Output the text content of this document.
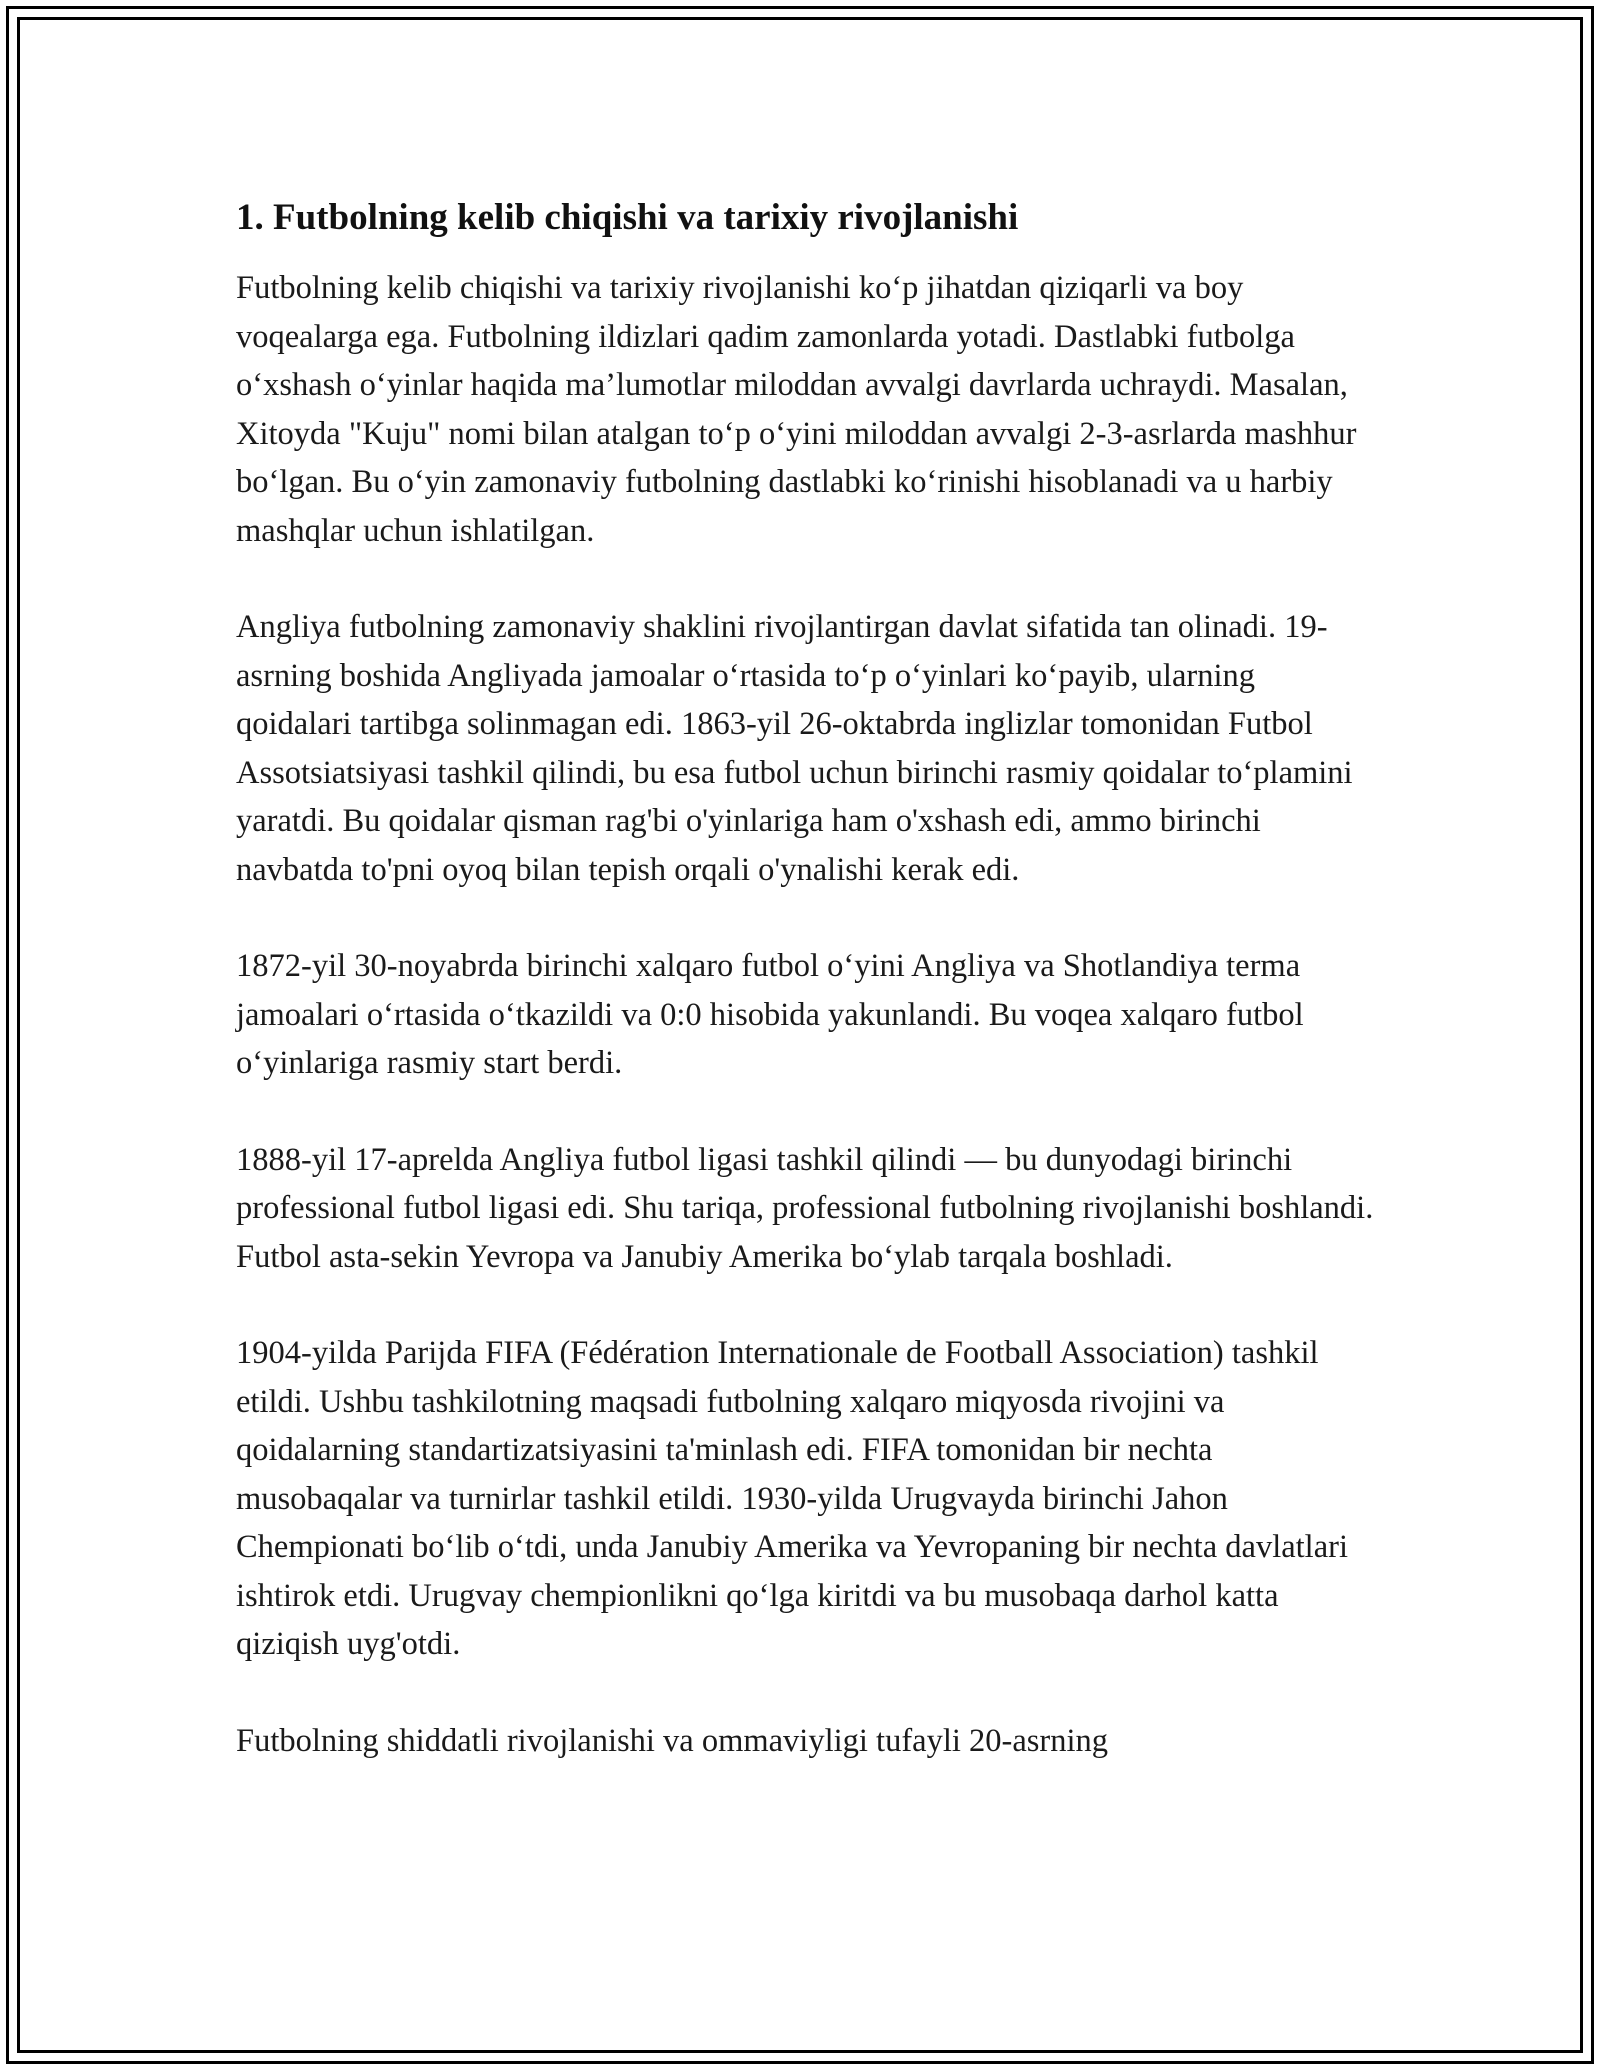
1. Futbolning kelib chiqishi va tarixiy rivojlanishi

Futbolning kelib chiqishi va tarixiy rivojlanishi ko‘p jihatdan qiziqarli va boy voqealarga ega. Futbolning ildizlari qadim zamonlarda yotadi. Dastlabki futbolga o‘xshash o‘yinlar haqida ma’lumotlar miloddan avvalgi davrlarda uchraydi. Masalan, Xitoyda "Kuju" nomi bilan atalgan to‘p o‘yini miloddan avvalgi 2-3-asrlarda mashhur bo‘lgan. Bu o‘yin zamonaviy futbolning dastlabki ko‘rinishi hisoblanadi va u harbiy mashqlar uchun ishlatilgan.

Angliya futbolning zamonaviy shaklini rivojlantirgan davlat sifatida tan olinadi. 19-asrning boshida Angliyada jamoalar o‘rtasida to‘p o‘yinlari ko‘payib, ularning qoidalari tartibga solinmagan edi. 1863-yil 26-oktabrda inglizlar tomonidan Futbol Assotsiatsiyasi tashkil qilindi, bu esa futbol uchun birinchi rasmiy qoidalar to‘plamini yaratdi. Bu qoidalar qisman rag'bi o'yinlariga ham o'xshash edi, ammo birinchi navbatda to'pni oyoq bilan tepish orqali o'ynalishi kerak edi.

1872-yil 30-noyabrda birinchi xalqaro futbol o‘yini Angliya va Shotlandiya terma jamoalari o‘rtasida o‘tkazildi va 0:0 hisobida yakunlandi. Bu voqea xalqaro futbol o‘yinlariga rasmiy start berdi.

1888-yil 17-aprelda Angliya futbol ligasi tashkil qilindi — bu dunyodagi birinchi professional futbol ligasi edi. Shu tariqa, professional futbolning rivojlanishi boshlandi. Futbol asta-sekin Yevropa va Janubiy Amerika bo‘ylab tarqala boshladi.

1904-yilda Parijda FIFA (Fédération Internationale de Football Association) tashkil etildi. Ushbu tashkilotning maqsadi futbolning xalqaro miqyosda rivojini va qoidalarning standartizatsiyasini ta'minlash edi. FIFA tomonidan bir nechta musobaqalar va turnirlar tashkil etildi. 1930-yilda Urugvayda birinchi Jahon Chempionati bo‘lib o‘tdi, unda Janubiy Amerika va Yevropaning bir nechta davlatlari ishtirok etdi. Urugvay chempionlikni qo‘lga kiritdi va bu musobaqa darhol katta qiziqish uyg'otdi.

Futbolning shiddatli rivojlanishi va ommaviyligi tufayli 20-asrning
